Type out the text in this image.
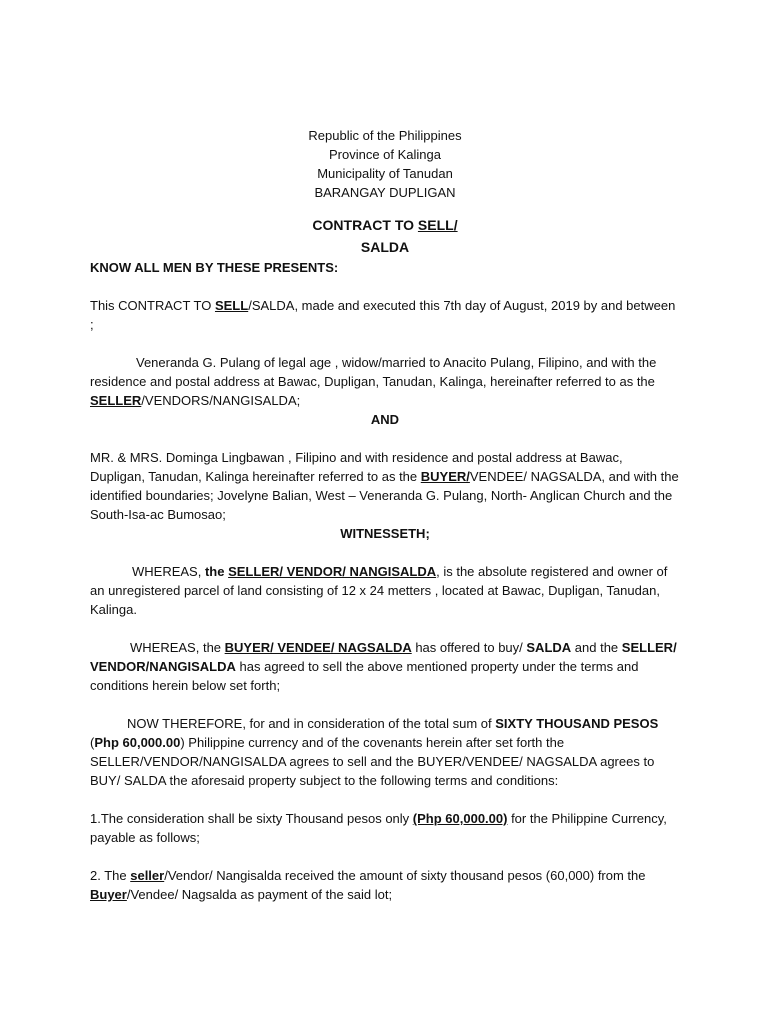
Republic of the Philippines

Province of Kalinga

Municipality of Tanudan

BARANGAY DUPLIGAN

CONTRACT TO SELL/

SALDA

KNOW ALL MEN BY THESE PRESENTS:

This CONTRACT TO SELL/SALDA, made and executed this 7th day of August, 2019 by and between ;

Veneranda G. Pulang of legal age , widow/married to Anacito Pulang, Filipino, and with the residence and postal address at Bawac, Dupligan, Tanudan, Kalinga, hereinafter referred to as the SELLER/VENDORS/NANGISALDA;

AND

MR. & MRS. Dominga Lingbawan , Filipino and with residence and postal address at Bawac, Dupligan, Tanudan, Kalinga hereinafter referred to as the BUYER/VENDEE/ NAGSALDA, and with the identified boundaries; Jovelyne Balian, West – Veneranda G. Pulang, North- Anglican Church and the South-Isa-ac Bumosao;

WITNESSETH;

WHEREAS, the SELLER/ VENDOR/ NANGISALDA, is the absolute registered and owner of an unregistered parcel of land consisting of 12 x 24 metters , located at Bawac, Dupligan, Tanudan, Kalinga.

WHEREAS, the BUYER/ VENDEE/ NAGSALDA has offered to buy/ SALDA and the SELLER/ VENDOR/NANGISALDA has agreed to sell the above mentioned property under the terms and conditions herein below set forth;

NOW THEREFORE, for and in consideration of the total sum of SIXTY THOUSAND PESOS (Php 60,000.00) Philippine currency and of the covenants herein after set forth the SELLER/VENDOR/NANGISALDA agrees to sell and the BUYER/VENDEE/ NAGSALDA agrees to BUY/ SALDA the aforesaid property subject to the following terms and conditions:

1.The consideration shall be sixty Thousand pesos only (Php 60,000.00) for the Philippine Currency, payable as follows;

2. The seller/Vendor/ Nangisalda received the amount of sixty thousand pesos (60,000) from the Buyer/Vendee/ Nagsalda as payment of the said lot;
